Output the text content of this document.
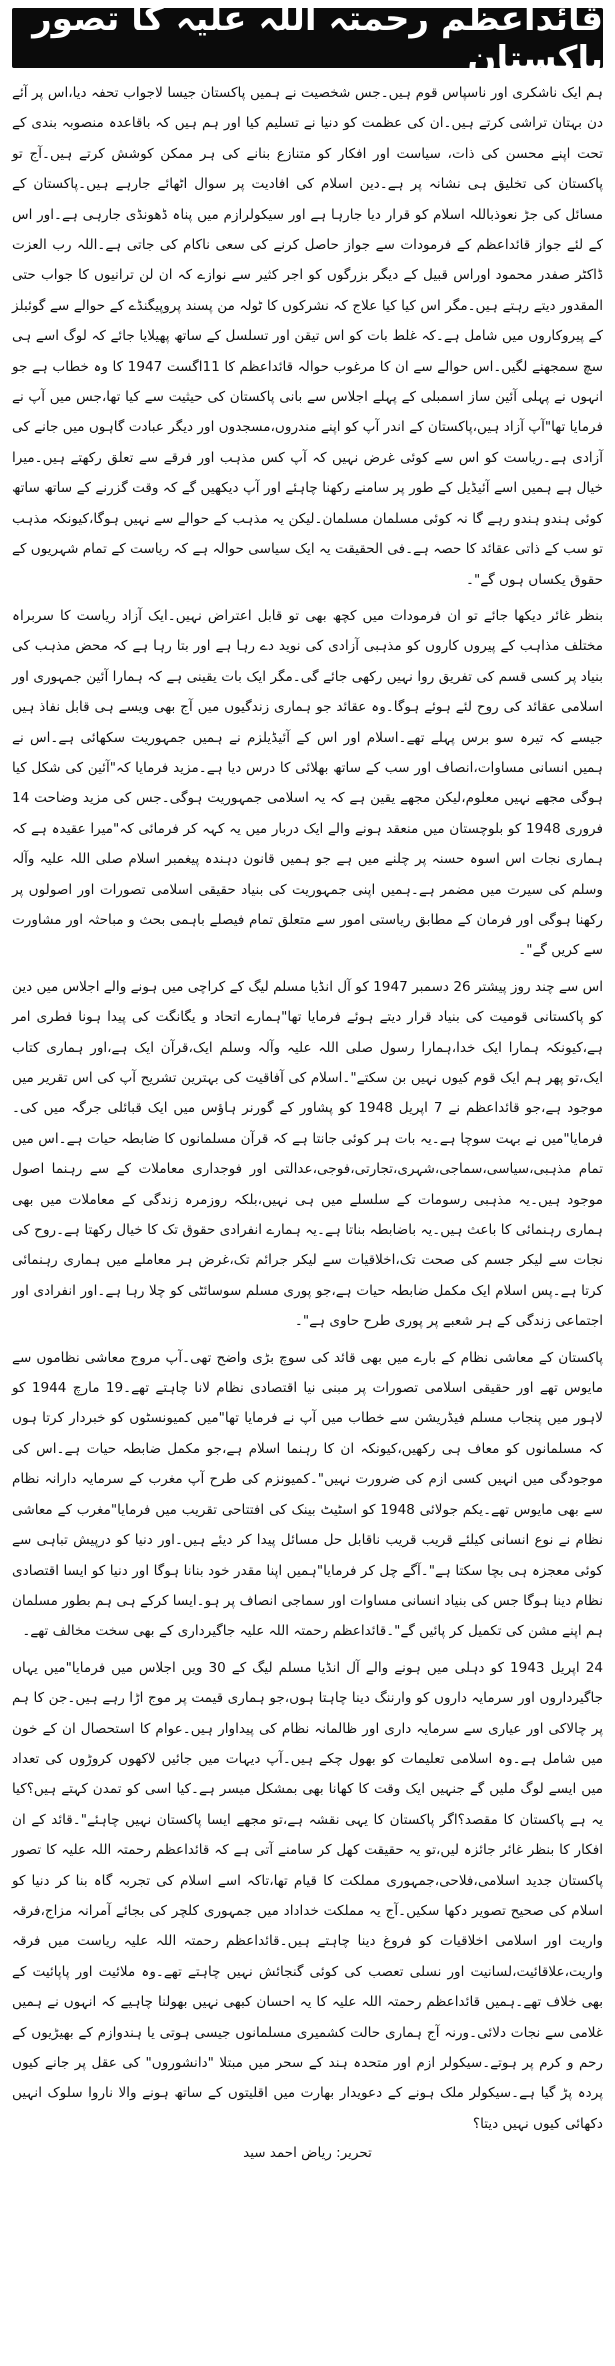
قائداعظم رحمتہ اللہ علیہ کا تصور پاکستان

ہم ایک ناشکری اور ناسپاس قوم ہیں۔جس شخصیت نے ہمیں پاکستان جیسا لاجواب تحفہ دیا،اس پر آئے دن بہتان تراشی کرتے ہیں۔ان کی عظمت کو دنیا نے تسلیم کیا اور ہم ہیں کہ باقاعدہ منصوبہ بندی کے تحت اپنے محسن کی ذات، سیاست اور افکار کو متنازع بنانے کی ہر ممکن کوشش کرتے ہیں۔آج تو پاکستان کی تخلیق ہی نشانہ پر ہے۔دین اسلام کی افادیت پر سوال اٹھائے جارہے ہیں۔پاکستان کے مسائل کی جڑ نعوذباللہ اسلام کو قرار دیا جارہا ہے اور سیکولرازم میں پناہ ڈھونڈی جارہی ہے۔اور اس کے لئے جواز قائداعظم کے فرمودات سے جواز حاصل کرنے کی سعی ناکام کی جاتی ہے۔اللہ رب العزت ڈاکٹر صفدر محمود اوراس قبیل کے دیگر بزرگوں کو اجر کثیر سے نوازے کہ ان لن ترانیوں کا جواب حتی المقدور دیتے رہتے ہیں۔مگر اس کیا کیا علاج کہ نشرکوں کا ٹولہ من پسند پروپیگنڈے کے حوالے سے گوئبلز کے پیروکاروں میں شامل ہے۔کہ غلط بات کو اس تیقن اور تسلسل کے ساتھ پھیلایا جائے کہ لوگ اسے ہی سچ سمجھنے لگیں۔اس حوالے سے ان کا مرغوب حوالہ قائداعظم کا 11اگست 1947 کا وہ خطاب ہے جو انہوں نے پہلی آئین ساز اسمبلی کے پہلے اجلاس سے بانی پاکستان کی حیثیت سے کیا تھا،جس میں آپ نے فرمایا تھا"آپ آزاد ہیں،پاکستان کے اندر آپ کو اپنے مندروں،مسجدوں اور دیگر عبادت گاہوں میں جانے کی آزادی ہے۔ریاست کو اس سے کوئی غرض نہیں کہ آپ کس مذہب اور فرقے سے تعلق رکھتے ہیں۔میرا خیال ہے ہمیں اسے آئیڈیل کے طور پر سامنے رکھنا چاہئے اور آپ دیکھیں گے کہ وقت گزرنے کے ساتھ ساتھ کوئی ہندو ہندو رہے گا نہ کوئی مسلمان مسلمان۔لیکن یہ مذہب کے حوالے سے نہیں ہوگا،کیونکہ مذہب تو سب کے ذاتی عقائد کا حصہ ہے۔فی الحقیقت یہ ایک سیاسی حوالہ ہے کہ ریاست کے تمام شہریوں کے حقوق یکساں ہوں گے"۔

بنظر غائر دیکھا جائے تو ان فرمودات میں کچھ بھی تو قابل اعتراض نہیں۔ایک آزاد ریاست کا سربراہ مختلف مذاہب کے پیروں کاروں کو مذہبی آزادی کی نوید دے رہا ہے اور بتا رہا ہے کہ محض مذہب کی بنیاد پر کسی قسم کی تفریق روا نہیں رکھی جائے گی۔مگر ایک بات یقینی ہے کہ ہمارا آئین جمہوری اور اسلامی عقائد کی روح لئے ہوئے ہوگا۔وہ عقائد جو ہماری زندگیوں میں آج بھی ویسے ہی قابل نفاذ ہیں جیسے کہ تیرہ سو برس پہلے تھے۔اسلام اور اس کے آئیڈیلزم نے ہمیں جمہوریت سکھائی ہے۔اس نے ہمیں انسانی مساوات،انصاف اور سب کے ساتھ بھلائی کا درس دیا ہے۔مزید فرمایا کہ"آئین کی شکل کیا ہوگی مجھے نہیں معلوم،لیکن مجھے یقین ہے کہ یہ اسلامی جمہوریت ہوگی۔جس کی مزید وضاحت 14 فروری 1948 کو بلوچستان میں منعقد ہونے والے ایک دربار میں یہ کہہ کر فرمائی کہ"میرا عقیدہ ہے کہ ہماری نجات اس اسوہ حسنہ پر چلنے میں ہے جو ہمیں قانون دہندہ پیغمبر اسلام صلی اللہ علیہ وآلہ وسلم کی سیرت میں مضمر ہے۔ہمیں اپنی جمہوریت کی بنیاد حقیقی اسلامی تصورات اور اصولوں پر رکھنا ہوگی اور فرمان کے مطابق ریاستی امور سے متعلق تمام فیصلے باہمی بحث و مباحثہ اور مشاورت سے کریں گے"۔

اس سے چند روز پیشتر 26 دسمبر 1947 کو آل انڈیا مسلم لیگ کے کراچی میں ہونے والے اجلاس میں دین کو پاکستانی قومیت کی بنیاد قرار دیتے ہوئے فرمایا تھا"ہمارے اتحاد و یگانگت کی پیدا ہونا فطری امر ہے،کیونکہ ہمارا ایک خدا،ہمارا رسول صلی اللہ علیہ وآلہ وسلم ایک،قرآن ایک ہے،اور ہماری کتاب ایک،تو پھر ہم ایک قوم کیوں نہیں بن سکتے"۔اسلام کی آفاقیت کی بہترین تشریح آپ کی اس تقریر میں موجود ہے،جو قائداعظم نے 7 اپریل 1948 کو پشاور کے گورنر ہاؤس میں ایک قبائلی جرگہ میں کی۔فرمایا"میں نے بہت سوچا ہے۔یہ بات ہر کوئی جانتا ہے کہ قرآن مسلمانوں کا ضابطہ حیات ہے۔اس میں تمام مذہبی،سیاسی،سماجی،شہری،تجارتی،فوجی،عدالتی اور فوجداری معاملات کے سے رہنما اصول موجود ہیں۔یہ مذہبی رسومات کے سلسلے میں ہی نہیں،بلکہ روزمرہ زندگی کے معاملات میں بھی ہماری رہنمائی کا باعث ہیں۔یہ باضابطہ بناتا ہے۔یہ ہمارے انفرادی حقوق تک کا خیال رکھتا ہے۔روح کی نجات سے لیکر جسم کی صحت تک،اخلاقیات سے لیکر جرائم تک،غرض ہر معاملے میں ہماری رہنمائی کرتا ہے۔پس اسلام ایک مکمل ضابطہ حیات ہے،جو پوری مسلم سوسائٹی کو چلا رہا ہے۔اور انفرادی اور اجتماعی زندگی کے ہر شعبے پر پوری طرح حاوی ہے"۔

پاکستان کے معاشی نظام کے بارے میں بھی قائد کی سوچ بڑی واضح تھی۔آپ مروج معاشی نظاموں سے مایوس تھے اور حقیقی اسلامی تصورات پر مبنی نیا اقتصادی نظام لانا چاہتے تھے۔19 مارچ 1944 کو لاہور میں پنجاب مسلم فیڈریشن سے خطاب میں آپ نے فرمایا تھا"میں کمیونسٹوں کو خبردار کرتا ہوں کہ مسلمانوں کو معاف ہی رکھیں،کیونکہ ان کا رہنما اسلام ہے،جو مکمل ضابطہ حیات ہے۔اس کی موجودگی میں انہیں کسی ازم کی ضرورت نہیں"۔کمیونزم کی طرح آپ مغرب کے سرمایہ دارانہ نظام سے بھی مایوس تھے۔یکم جولائی 1948 کو اسٹیٹ بینک کی افتتاحی تقریب میں فرمایا"مغرب کے معاشی نظام نے نوع انسانی کیلئے قریب قریب ناقابل حل مسائل پیدا کر دیئے ہیں۔اور دنیا کو درپیش تباہی سے کوئی معجزہ ہی بچا سکتا ہے"۔آگے چل کر فرمایا"ہمیں اپنا مقدر خود بنانا ہوگا اور دنیا کو ایسا اقتصادی نظام دینا ہوگا جس کی بنیاد انسانی مساوات اور سماجی انصاف پر ہو۔ایسا کرکے ہی ہم بطور مسلمان ہم اپنے مشن کی تکمیل کر پائیں گے"۔قائداعظم رحمتہ اللہ علیہ جاگیرداری کے بھی سخت مخالف تھے۔

24 اپریل 1943 کو دہلی میں ہونے والے آل انڈیا مسلم لیگ کے 30 ویں اجلاس میں فرمایا"میں یہاں جاگیرداروں اور سرمایہ داروں کو وارننگ دینا چاہتا ہوں،جو ہماری قیمت پر موج اڑا رہے ہیں۔جن کا ہم پر چالاکی اور عیاری سے سرمایہ داری اور ظالمانہ نظام کی پیداوار ہیں۔عوام کا استحصال ان کے خون میں شامل ہے۔وہ اسلامی تعلیمات کو بھول چکے ہیں۔آپ دیہات میں جائیں لاکھوں کروڑوں کی تعداد میں ایسے لوگ ملیں گے جنہیں ایک وقت کا کھانا بھی بمشکل میسر ہے۔کیا اسی کو تمدن کہتے ہیں؟کیا یہ ہے پاکستان کا مقصد؟اگر پاکستان کا یہی نقشہ ہے،تو مجھے ایسا پاکستان نہیں چاہئے"۔قائد کے ان افکار کا بنظر غائر جائزہ لیں،تو یہ حقیقت کھل کر سامنے آتی ہے کہ قائداعظم رحمتہ اللہ علیہ کا تصور پاکستان جدید اسلامی،فلاحی،جمہوری مملکت کا قیام تھا،تاکہ اسے اسلام کی تجربہ گاہ بنا کر دنیا کو اسلام کی صحیح تصویر دکھا سکیں۔آج یہ مملکت خداداد میں جمہوری کلچر کی بجائے آمرانہ مزاج،فرقہ واریت اور اسلامی اخلاقیات کو فروغ دینا چاہتے ہیں۔قائداعظم رحمتہ اللہ علیہ ریاست میں فرقہ واریت،علاقائیت،لسانیت اور نسلی تعصب کی کوئی گنجائش نہیں چاہتے تھے۔وہ ملائیت اور پاپائیت کے بھی خلاف تھے۔ہمیں قائداعظم رحمتہ اللہ علیہ کا یہ احسان کبھی نہیں بھولنا چاہیے کہ انہوں نے ہمیں غلامی سے نجات دلائی۔ورنہ آج ہماری حالت کشمیری مسلمانوں جیسی ہوتی یا ہندوازم کے بھیڑیوں کے رحم و کرم پر ہوتے۔سیکولر ازم اور متحدہ ہند کے سحر میں مبتلا "دانشوروں" کی عقل پر جانے کیوں پردہ پڑ گیا ہے۔سیکولر ملک ہونے کے دعویدار بھارت میں اقلیتوں کے ساتھ ہونے والا ناروا سلوک انہیں دکھائی کیوں نہیں دیتا؟

تحریر: ریاض احمد سید
